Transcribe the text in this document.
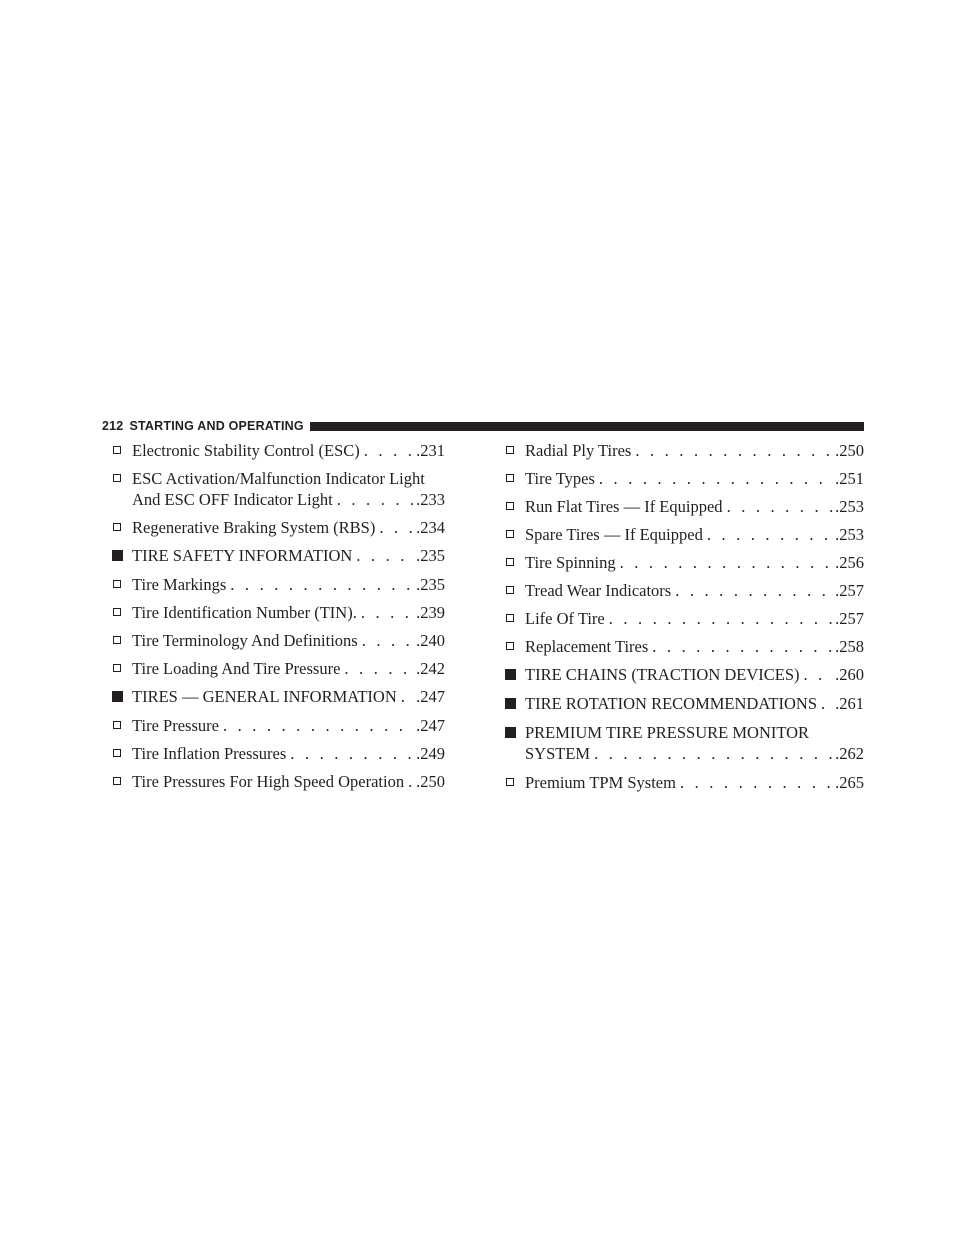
212 STARTING AND OPERATING
Electronic Stability Control (ESC) . . .	.231
ESC Activation/Malfunction Indicator Light
And ESC OFF Indicator Light . . .	.233
Regenerative Braking System (RBS) . . . .234
TIRE SAFETY INFORMATION . . .	.235
Tire Markings . . .	.235
Tire Identification Number (TIN). . . .	.239
Tire Terminology And Definitions . . .	.240
Tire Loading And Tire Pressure . . .	.242
TIRES — GENERAL INFORMATION . . . .247
Tire Pressure . . .	.247
Tire Inflation Pressures . . .	.249
Tire Pressures For High Speed Operation . . . .250
Radial Ply Tires . . .	.250
Tire Types . . .	.251
Run Flat Tires — If Equipped . . .	.253
Spare Tires — If Equipped . . .	.253
Tire Spinning . . .	.256
Tread Wear Indicators . . .	.257
Life Of Tire . . .	.257
Replacement Tires . . .	.258
TIRE CHAINS (TRACTION DEVICES) . . . .260
TIRE ROTATION RECOMMENDATIONS . . . .261
PREMIUM TIRE PRESSURE MONITOR
SYSTEM . . .	.262
Premium TPM System . . .	.265
